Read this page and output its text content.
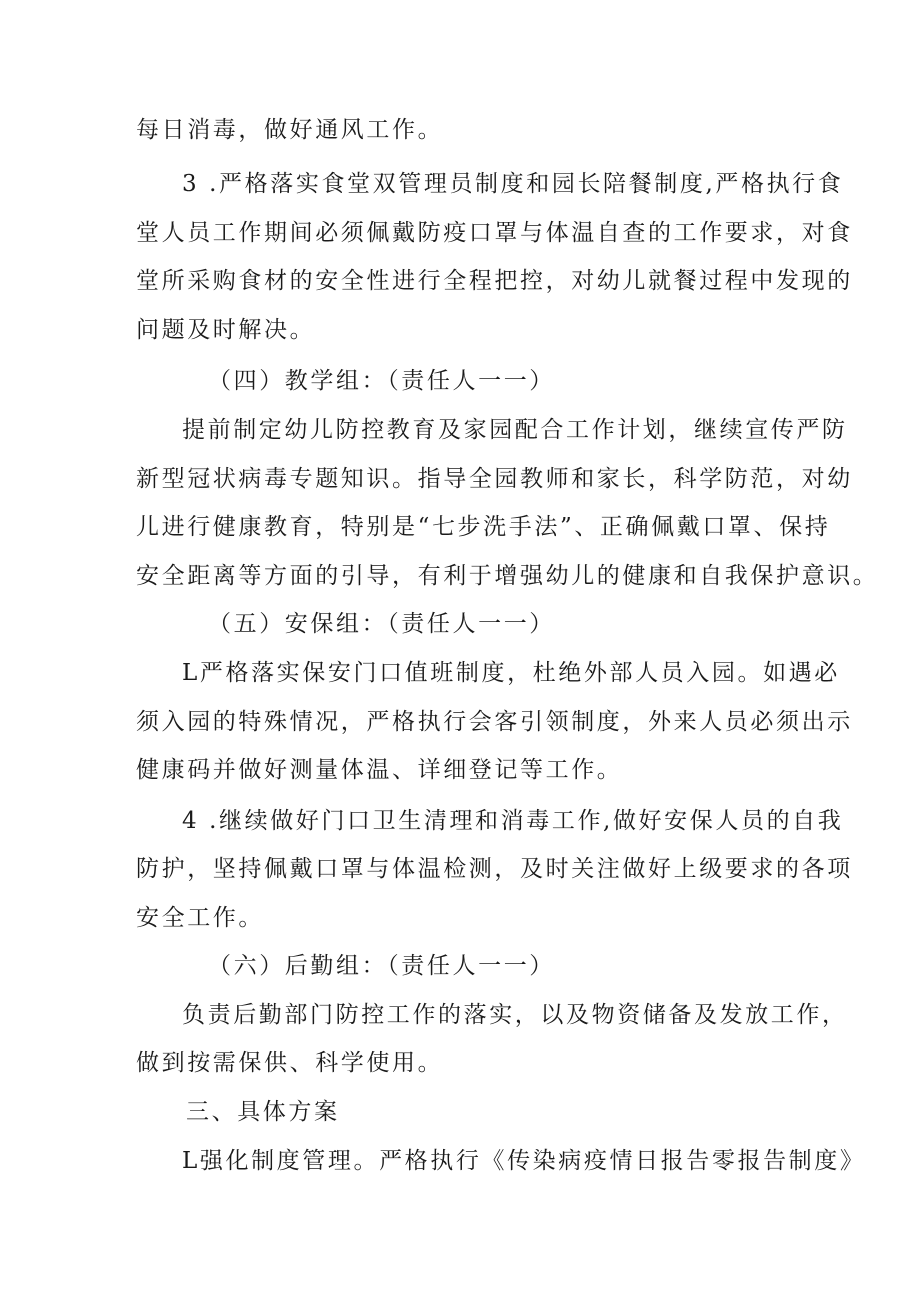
每日消毒，做好通风工作。
3 .严格落实食堂双管理员制度和园长陪餐制度,严格执行食
堂人员工作期间必须佩戴防疫口罩与体温自查的工作要求，对食
堂所采购食材的安全性进行全程把控，对幼儿就餐过程中发现的
问题及时解决。
（四）教学组：（责任人一一）
提前制定幼儿防控教育及家园配合工作计划，继续宣传严防
新型冠状病毒专题知识。指导全园教师和家长，科学防范，对幼
儿进行健康教育，特别是“七步洗手法”、正确佩戴口罩、保持
安全距离等方面的引导，有利于增强幼儿的健康和自我保护意识。
（五）安保组：（责任人一一）
L严格落实保安门口值班制度，杜绝外部人员入园。如遇必
须入园的特殊情况，严格执行会客引领制度，外来人员必须出示
健康码并做好测量体温、详细登记等工作。
4 .继续做好门口卫生清理和消毒工作,做好安保人员的自我
防护，坚持佩戴口罩与体温检测，及时关注做好上级要求的各项
安全工作。
（六）后勤组：（责任人一一）
负责后勤部门防控工作的落实，以及物资储备及发放工作，
做到按需保供、科学使用。
三、具体方案
L强化制度管理。严格执行《传染病疫情日报告零报告制度》
